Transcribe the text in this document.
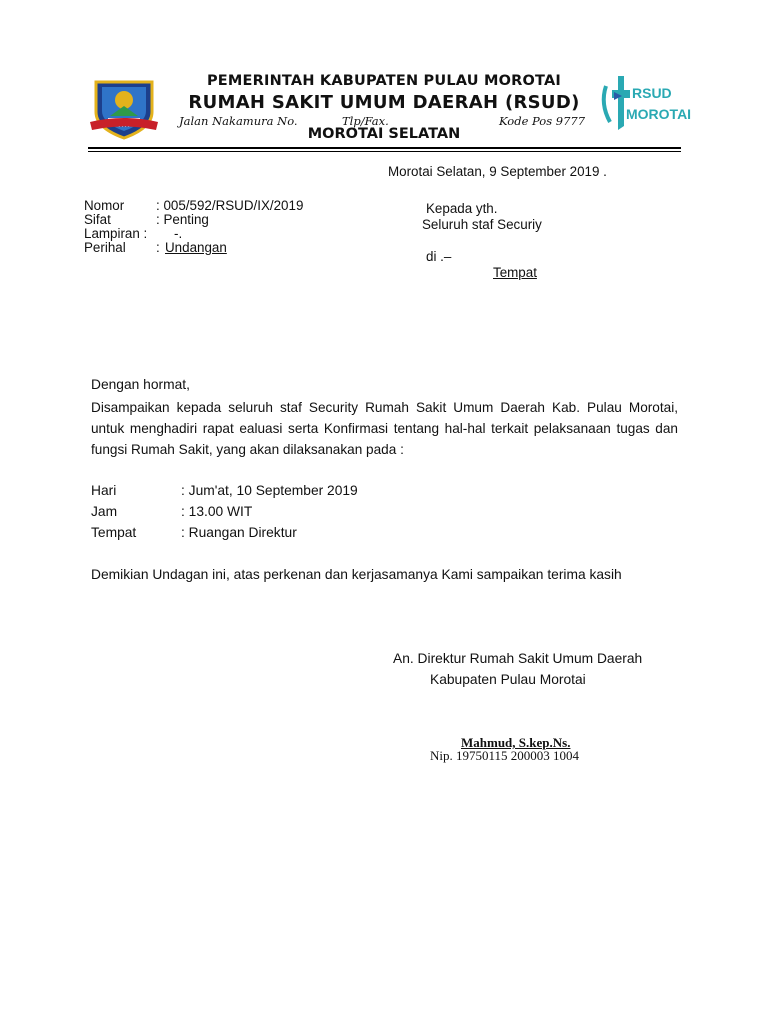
· · · ·
PEMERINTAH KABUPATEN PULAU MOROTAI
RUMAH SAKIT UMUM DAERAH (RSUD)
Jalan Nakamura No.	Tlp/Fax.	Kode Pos 9777
MOROTAI SELATAN
RSUD
MOROTAI
Morotai Selatan, 9 September 2019 .
Nomor : 005/592/RSUD/IX/2019
Sifat	: Penting
Lampiran : -.
Perihal : Undangan
Kepada yth.
Seluruh staf Securiy
di .–
Tempat
Dengan hormat,
Disampaikan kepada seluruh staf Security Rumah Sakit Umum Daerah Kab. Pulau Morotai, untuk menghadiri rapat ealuasi serta Konfirmasi tentang hal-hal terkait pelaksanaan tugas dan fungsi Rumah Sakit, yang akan dilaksanakan pada :
Hari	: Jum'at, 10 September 2019
Jam	: 13.00 WIT
Tempat	: Ruangan Direktur
Demikian Undagan ini, atas perkenan dan kerjasamanya Kami sampaikan terima kasih
An. Direktur Rumah Sakit Umum Daerah
Kabupaten Pulau Morotai
Mahmud, S.kep.Ns.
Nip. 19750115 200003 1004
